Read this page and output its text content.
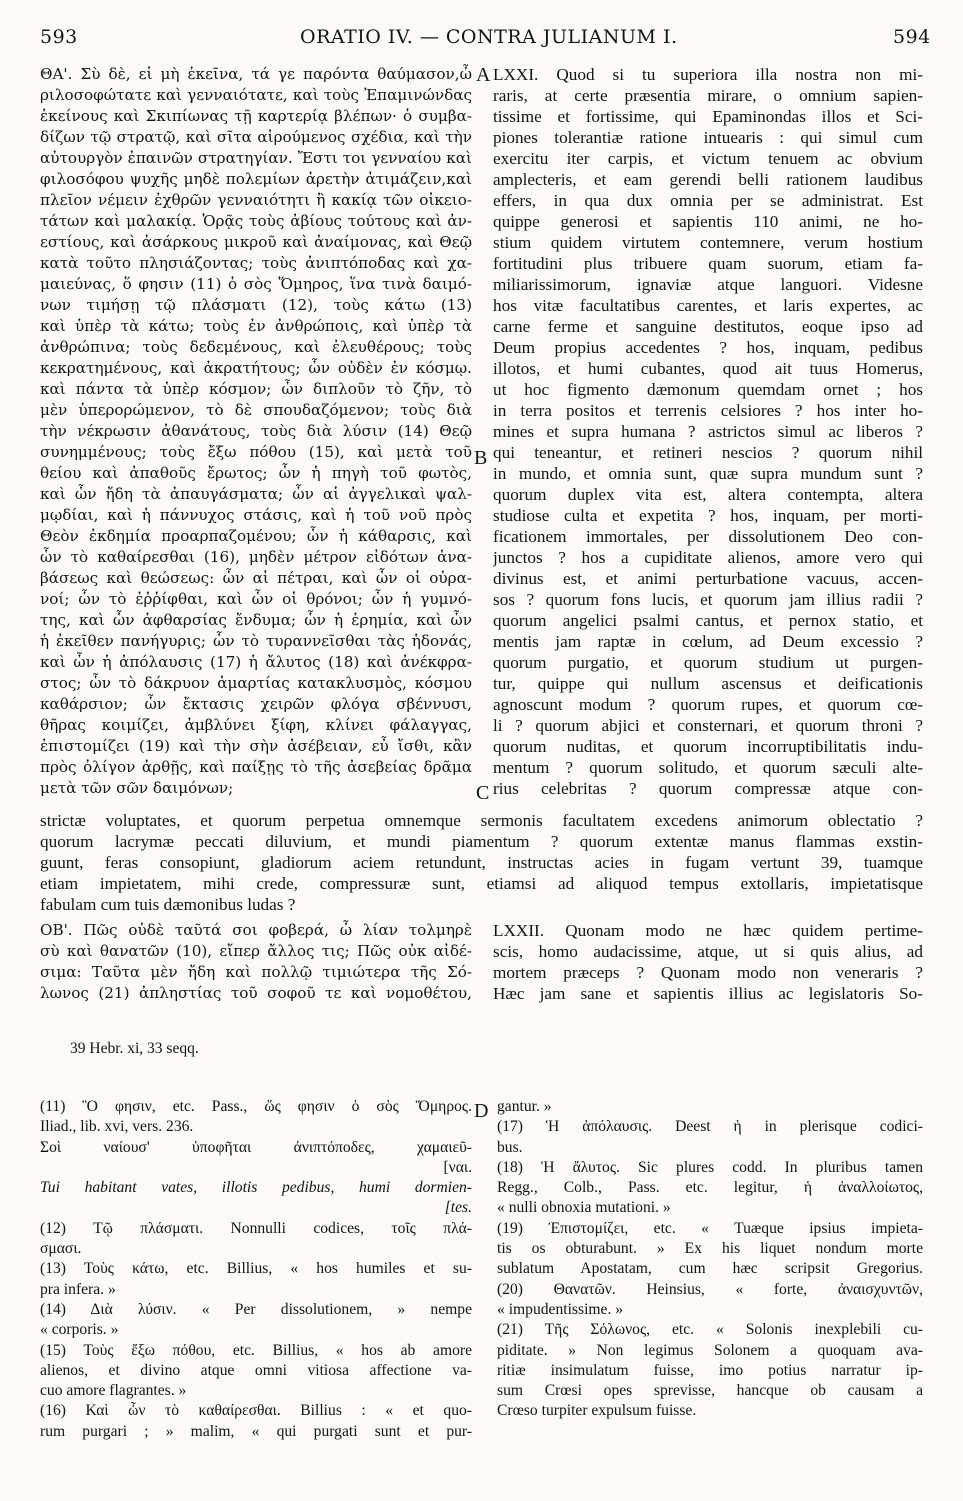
593	ORATIO IV. — CONTRA JULIANUM I.	594
A
B
C
D
ΘΑ'. Σὺ δὲ, εἰ μὴ ἐκεῖνα, τά γε παρόντα θαύμασον,ὦ
ριλοσοφώτατε καὶ γενναιότατε, καὶ τοὺς Ἐπαμινώνδας
ἐκείνους καὶ Σκιπίωνας τῇ καρτερίᾳ βλέπων· ὁ συμβα-
δίζων τῷ στρατῷ, καὶ σῖτα αἱρούμενος σχέδια, καὶ τὴν
αὐτουργὸν ἐπαινῶν στρατηγίαν. Ἔστι τοι γενναίου καὶ
φιλοσόφου ψυχῆς μηδὲ πολεμίων ἀρετὴν ἀτιμάζειν,καὶ
πλεῖον νέμειν ἐχθρῶν γενναιότητι ἢ κακίᾳ τῶν οἰκειο-
τάτων καὶ μαλακίᾳ. Ὁρᾷς τοὺς ἀβίους τούτους καὶ ἀν-
εστίους, καὶ ἀσάρκους μικροῦ καὶ ἀναίμονας, καὶ Θεῷ
κατὰ τοῦτο πλησιάζοντας; τοὺς ἀνιπτόποδας καὶ χα-
μαιεύνας, ὅ φησιν (11) ὁ σὸς Ὅμηρος, ἵνα τινὰ δαιμό-
νων τιμήσῃ τῷ πλάσματι (12), τοὺς κάτω (13)
καὶ ὑπὲρ τὰ κάτω; τοὺς ἐν ἀνθρώποις, καὶ ὑπὲρ τὰ
ἀνθρώπινα; τοὺς δεδεμένους, καὶ ἐλευθέρους; τοὺς
κεκρατημένους, καὶ ἀκρατήτους; ὧν οὐδὲν ἐν κόσμῳ.
καὶ πάντα τὰ ὑπὲρ κόσμον; ὧν διπλοῦν τὸ ζῆν, τὸ
μὲν ὑπερορώμενον, τὸ δὲ σπουδαζόμενον; τοὺς διὰ
τὴν νέκρωσιν ἀθανάτους, τοὺς διὰ λύσιν (14) Θεῷ
συνημμένους; τοὺς ἔξω πόθου (15), καὶ μετὰ τοῦ
θείου καὶ ἀπαθοῦς ἔρωτος; ὧν ἡ πηγὴ τοῦ φωτὸς,
καὶ ὧν ἤδη τὰ ἀπαυγάσματα; ὧν αἱ ἀγγελικαὶ ψαλ-
μῳδίαι, καὶ ἡ πάννυχος στάσις, καὶ ἡ τοῦ νοῦ πρὸς
Θεὸν ἐκδημία προαρπαζομένου; ὧν ἡ κάθαρσις, καὶ
ὧν τὸ καθαίρεσθαι (16), μηδὲν μέτρον εἰδότων ἀνα-
βάσεως καὶ θεώσεως: ὧν αἱ πέτραι, καὶ ὧν οἱ οὐρα-
νοί; ὧν τὸ ἐῤῥίφθαι, καὶ ὧν οἱ θρόνοι; ὧν ἡ γυμνό-
της, καὶ ὧν ἀφθαρσίας ἔνδυμα; ὧν ἡ ἐρημία, καὶ ὧν
ἡ ἐκεῖθεν πανήγυρις; ὧν τὸ τυραννεῖσθαι τὰς ἡδονάς,
καὶ ὧν ἡ ἀπόλαυσις (17) ἡ ἄλυτος (18) καὶ ἀνέκφρα-
στος; ὧν τὸ δάκρυον ἁμαρτίας κατακλυσμὸς, κόσμου
καθάρσιον; ὧν ἔκτασις χειρῶν φλόγα σβέννυσι,
θῆρας κοιμίζει, ἀμβλύνει ξίφη, κλίνει φάλαγγας,
ἐπιστομίζει (19) καὶ τὴν σὴν ἀσέβειαν, εὖ ἴσθι, κἂν
πρὸς ὀλίγον ἀρθῇς, καὶ παίξῃς τὸ τῆς ἀσεβείας δρᾶμα
μετὰ τῶν σῶν δαιμόνων;
LXXI. Quod si tu superiora illa nostra non mi-
raris, at certe præsentia mirare, o omnium sapien-
tissime et fortissime, qui Epaminondas illos et Sci-
piones tolerantiæ ratione intuearis : qui simul cum
exercitu iter carpis, et victum tenuem ac obvium
amplecteris, et eam gerendi belli rationem laudibus
effers, in qua dux omnia per se administrat. Est
quippe generosi et sapientis 110 animi, ne ho-
stium quidem virtutem contemnere, verum hostium
fortitudini plus tribuere quam suorum, etiam fa-
miliarissimorum, ignaviæ atque languori. Videsne
hos vitæ facultatibus carentes, et laris expertes, ac
carne ferme et sanguine destitutos, eoque ipso ad
Deum propius accedentes ? hos, inquam, pedibus
illotos, et humi cubantes, quod ait tuus Homerus,
ut hoc figmento dæmonum quemdam ornet ; hos
in terra positos et terrenis celsiores ? hos inter ho-
mines et supra humana ? astrictos simul ac liberos ?
qui teneantur, et retineri nescios ? quorum nihil
in mundo, et omnia sunt, quæ supra mundum sunt ?
quorum duplex vita est, altera contempta, altera
studiose culta et expetita ? hos, inquam, per morti-
ficationem immortales, per dissolutionem Deo con-
junctos ? hos a cupiditate alienos, amore vero qui
divinus est, et animi perturbatione vacuus, accen-
sos ? quorum fons lucis, et quorum jam illius radii ?
quorum angelici psalmi cantus, et pernox statio, et
mentis jam raptæ in cœlum, ad Deum excessio ?
quorum purgatio, et quorum studium ut purgen-
tur, quippe qui nullum ascensus et deificationis
agnoscunt modum ? quorum rupes, et quorum cœ-
li ? quorum abjici et consternari, et quorum throni ?
quorum nuditas, et quorum incorruptibilitatis indu-
mentum ? quorum solitudo, et quorum sæculi alte-
rius celebritas ? quorum compressæ atque con-
strictæ voluptates, et quorum perpetua omnemque sermonis facultatem excedens animorum oblectatio ?
quorum lacrymæ peccati diluvium, et mundi piamentum ? quorum extentæ manus flammas exstin-
guunt, feras consopiunt, gladiorum aciem retundunt, instructas acies in fugam vertunt 39, tuamque
etiam impietatem, mihi crede, compressuræ sunt, etiamsi ad aliquod tempus extollaris, impietatisque
fabulam cum tuis dæmonibus ludas ?
ΟΒ'. Πῶς οὐδὲ ταῦτά σοι φοβερά, ὦ λίαν τολμηρὲ
σὺ καὶ θανατῶν (10), εἴπερ ἄλλος τις; Πῶς οὐκ αἰδέ-
σιμα: Ταῦτα μὲν ἤδη καὶ πολλῷ τιμιώτερα τῆς Σό-
λωνος (21) ἀπληστίας τοῦ σοφοῦ τε καὶ νομοθέτου,
LXXII. Quonam modo ne hæc quidem pertime-
scis, homo audacissime, atque, ut si quis alius, ad
mortem præceps ? Quonam modo non veneraris ?
Hæc jam sane et sapientis illius ac legislatoris So-
39 Hebr. xi, 33 seqq.
(11) Ὃ φησιν, etc. Pass., ὥς φησιν ὁ σὸς Ὅμηρος.
Iliad., lib. xvi, vers. 236.
Σοὶ ναίουσ' ὑποφῆται ἀνιπτόποδες, χαμαιεῦ-
[ναι.
Tui habitant vates, illotis pedibus, humi dormien-
[tes.
(12) Τῷ πλάσματι. Nonnulli codices, τοῖς πλά-
σμασι.
(13) Τοὺς κάτω, etc. Billius, « hos humiles et su-
pra infera. »
(14) Διὰ λύσιν. « Per dissolutionem, » nempe
« corporis. »
(15) Τοὺς ἔξω πόθου, etc. Billius, « hos ab amore
alienos, et divino atque omni vitiosa affectione va-
cuo amore flagrantes. »
(16) Καὶ ὧν τὸ καθαίρεσθαι. Billius : « et quo-
rum purgari ; » malim, « qui purgati sunt et pur-
gantur. »
(17) Ἡ ἀπόλαυσις. Deest ἡ in plerisque codici-
bus.
(18) Ἡ ἄλυτος. Sic plures codd. In pluribus tamen
Regg., Colb., Pass. etc. legitur, ἡ ἀναλλοίωτος,
« nulli obnoxia mutationi. »
(19) Ἐπιστομίζει, etc. « Tuæque ipsius impieta-
tis os obturabunt. » Ex his liquet nondum morte
sublatum Apostatam, cum hæc scripsit Gregorius.
(20) Θανατῶν. Heinsius, « forte, ἀναισχυντῶν,
« impudentissime. »
(21) Τῆς Σόλωνος, etc. « Solonis inexplebili cu-
piditate. » Non legimus Solonem a quoquam ava-
ritiæ insimulatum fuisse, imo potius narratur ip-
sum Crœsi opes sprevisse, hancque ob causam a
Crœso turpiter expulsum fuisse.
